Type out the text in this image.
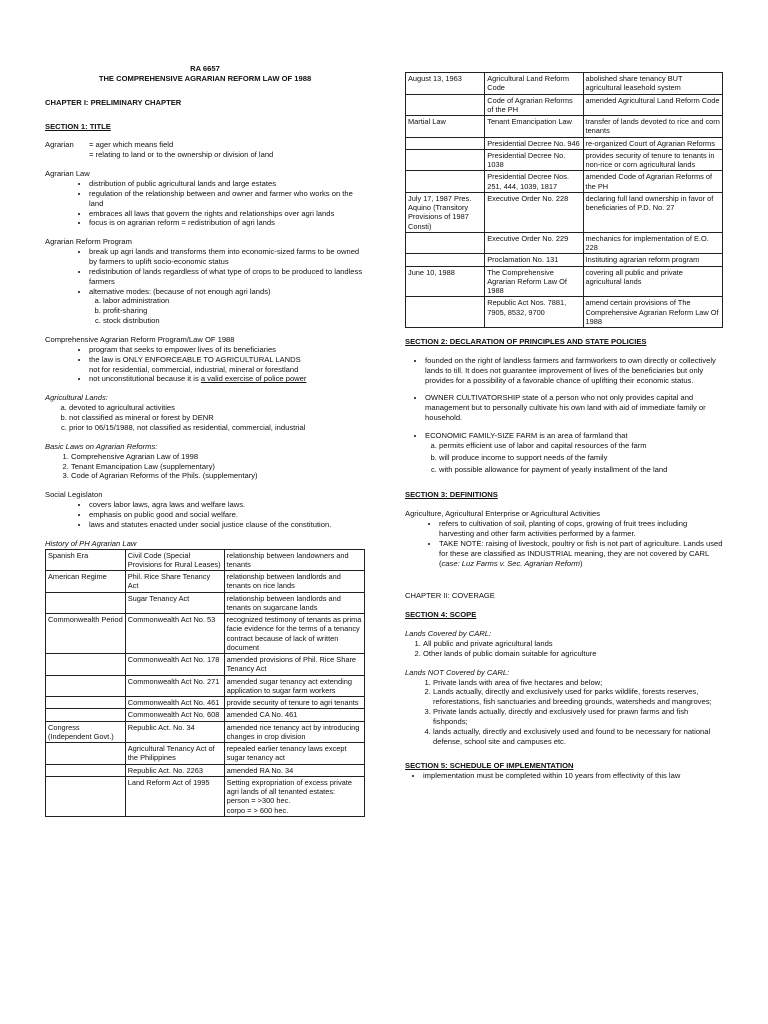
RA 6657

THE COMPREHENSIVE AGRARIAN REFORM LAW OF 1988

CHAPTER I: PRELIMINARY CHAPTER

SECTION 1: TITLE

Agrarian	= ager which means field
= relating to land or to the ownership or division of land

Agrarian Law

• distribution of public agricultural lands and large estates
• regulation of the relationship between and owner and farmer who works on the land
• embraces all laws that govern the rights and relationships over agri lands
• focus is on agrarian reform = redistribution of agri lands

Agrarian Reform Program

• break up agri lands and transforms them into economic-sized farms to be owned by farmers to uplift socio-economic status
• redistribution of lands regardless of what type of crops to be produced to landless farmers
• alternative modes: (because of not enough agri lands)
a. labor administration
b. profit-sharing
c. stock distribution

Comprehensive Agrarian Reform Program/Law OF 1988

• program that seeks to empower lives of its beneficiaries
• the law is ONLY ENFORCEABLE TO AGRICULTURAL LANDS
not for residential, commercial, industrial, mineral or forestland
• not unconstitutional because it is a valid exercise of police power

Agricultural Lands:

a. devoted to agricultural activities
b. not classified as mineral or forest by DENR
c. prior to 06/15/1988, not classified as residential, commercial, industrial

Basic Laws on Agrarian Reforms:

1. Comprehensive Agrarian Law of 1998
2. Tenant Emancipation Law (supplementary)
3. Code of Agrarian Reforms of the Phils. (supplementary)

Social Legislaton

• covers labor laws, agra laws and welfare laws.
• emphasis on public good and social welfare.
• laws and statutes enacted under social justice clause of the constitution.

History of PH Agrarian Law

Spanish Era	Civil Code (Special Provisions for Rural Leases)	relationship between landowners and tenants
American Regime	Phil. Rice Share Tenancy Act	relationship between landlords and tenants on rice lands
	Sugar Tenancy Act	relationship between landlords and tenants on sugarcane lands
Commonwealth Period	Commonwealth Act No. 53	recognized testimony of tenants as prima facie evidence for the terms of a tenancy contract because of lack of written document
	Commonwealth Act No. 178	amended provisions of Phil. Rice Share Tenancy Act
	Commonwealth Act No. 271	amended sugar tenancy act extending application to sugar farm workers
	Commonwealth Act No. 461	provide security of tenure to agri tenants
	Commonwealth Act No. 608	amended CA No. 461
Congress (Independent Govt.)	Republic Act. No. 34	amended rice tenancy act by introducing changes in crop division
	Agricultural Tenancy Act of the Philippines	repealed earlier tenancy laws except sugar tenancy act
	Republic Act. No. 2263	amended RA No. 34
	Land Reform Act of 1995	Setting expropriation of excess private agri lands of all tenanted estates:
person = >300 hec.
corpo = > 600 hec.
August 13, 1963	Agricultural Land Reform Code	abolished share tenancy BUT agricultural leasehold system
	Code of Agrarian Reforms of the PH	amended Agricultural Land Reform Code
Martial Law	Tenant Emancipation Law	transfer of lands devoted to rice and corn tenants
	Presidential Decree No. 946	re-organized Court of Agrarian Reforms
	Presidential Decree No. 1038	provides security of tenure to tenants in non-rice or corn agricultural lands
	Presidential Decree Nos. 251, 444, 1039, 1817	amended Code of Agrarian Reforms of the PH
July 17, 1987 Pres. Aquino (Transitory Provisions of 1987 Consti)	Executive Order No. 228	declaring full land ownership in favor of beneficiaries of P.D. No. 27
	Executive Order No. 229	mechanics for implementation of E.O. 228
	Proclamation No. 131	Instituting agrarian reform program
June 10, 1988	The Comprehensive Agrarian Reform Law Of 1988	covering all public and private agricultural lands
	Republic Act Nos. 7881, 7905, 8532, 9700	amend certain provisions of The Comprehensive Agrarian Reform Law Of 1988

SECTION 2: DECLARATION OF PRINCIPLES AND STATE POLICIES

• founded on the right of landless farmers and farmworkers to own directly or collectively lands to till. It does not guarantee improvement of lives of the beneficiaries but only provides for a possibility of a favorable chance of uplifting their economic status.
• OWNER CULTIVATORSHIP state of a person who not only provides capital and management but to personally cultivate his own land with aid of immediate family or household.
• ECONOMIC FAMILY-SIZE FARM is an area of farmland that
a. permits efficient use of labor and capital resources of the farm
b. will produce income to support needs of the family
c. with possible allowance for payment of yearly installment of the land

SECTION 3: DEFINITIONS

Agriculture, Agricultural Enterprise or Agricultural Activities

• refers to cultivation of soil, planting of cops, growing of fruit trees including harvesting and other farm activities performed by a farmer.
• TAKE NOTE: raising of livestock, poultry or fish is not part of agriculture. Lands used for these are classified as INDUSTRIAL meaning, they are not covered by CARL (case: Luz Farms v. Sec. Agrarian Reform)

CHAPTER II: COVERAGE

SECTION 4: SCOPE

Lands Covered by CARL:

1. All public and private agricultural lands
2. Other lands of public domain suitable for agriculture

Lands NOT Covered by CARL:

1. Private lands with area of five hectares and below;
2. Lands actually, directly and exclusively used for parks wildlife, forests reserves, reforestations, fish sanctuaries and breeding grounds, watersheds and mangroves;
3. Private lands actually, directly and exclusively used for prawn farms and fish fishponds;
4. lands actually, directly and exclusively used and found to be necessary for national defense, school site and campuses etc.

SECTION 5: SCHEDULE OF IMPLEMENTATION

• implementation must be completed within 10 years from effectivity of this law
